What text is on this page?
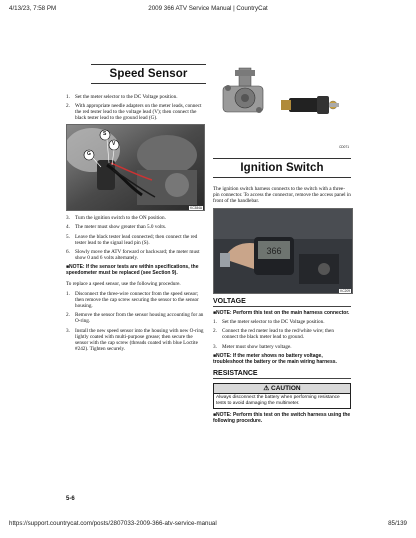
4/13/23, 7:58 PM	2009 366 ATV Service Manual | CountryCat
https://support.countrycat.com/posts/2807033-2009-366-atv-service-manual	85/139
Speed Sensor
1. Set the meter selector to the DC Voltage position.
2. With appropriate needle adapters on the meter leads, connect the red tester lead to the voltage lead (V); then connect the black tester lead to the ground lead (G).
S
V
G
KC384A
3. Turn the ignition switch to the ON position.
4. The meter must show greater than 5.0 volts.
5. Leave the black tester lead connected; then connect the red tester lead to the signal lead pin (S).
6. Slowly move the ATV forward or backward; the meter must show 0 and 6 volts alternately.

■NOTE: If the sensor tests are within specifications, the speedometer must be replaced (see Section 9).

To replace a speed sensor, use the following procedure.

1. Disconnect the three-wire connector from the speed sensor; then remove the cap screw securing the sensor to the sensor housing.
2. Remove the sensor from the sensor housing accounting for an O-ring.
3. Install the new speed sensor into the housing with new O-ring lightly coated with multi-purpose grease; then secure the sensor with the cap screw (threads coated with blue Loctite #242). Tighten securely.
5-6
CD071
Ignition Switch

The ignition switch harness connects to the switch with a three-pin connector. To access the connector, remove the access panel in front of the handlebar.

366
KC209
VOLTAGE

■NOTE: Perform this test on the main harness connector.

1. Set the meter selector to the DC Voltage position.
2. Connect the red meter lead to the red/white wire; then connect the black meter lead to ground.
3. Meter must show battery voltage.

■NOTE: If the meter shows no battery voltage, troubleshoot the battery or the main wiring harness.

RESISTANCE
⚠ CAUTION
Always disconnect the battery when performing resistance tests to avoid damaging the multimeter.

■NOTE: Perform this test on the switch harness using the following procedure.
